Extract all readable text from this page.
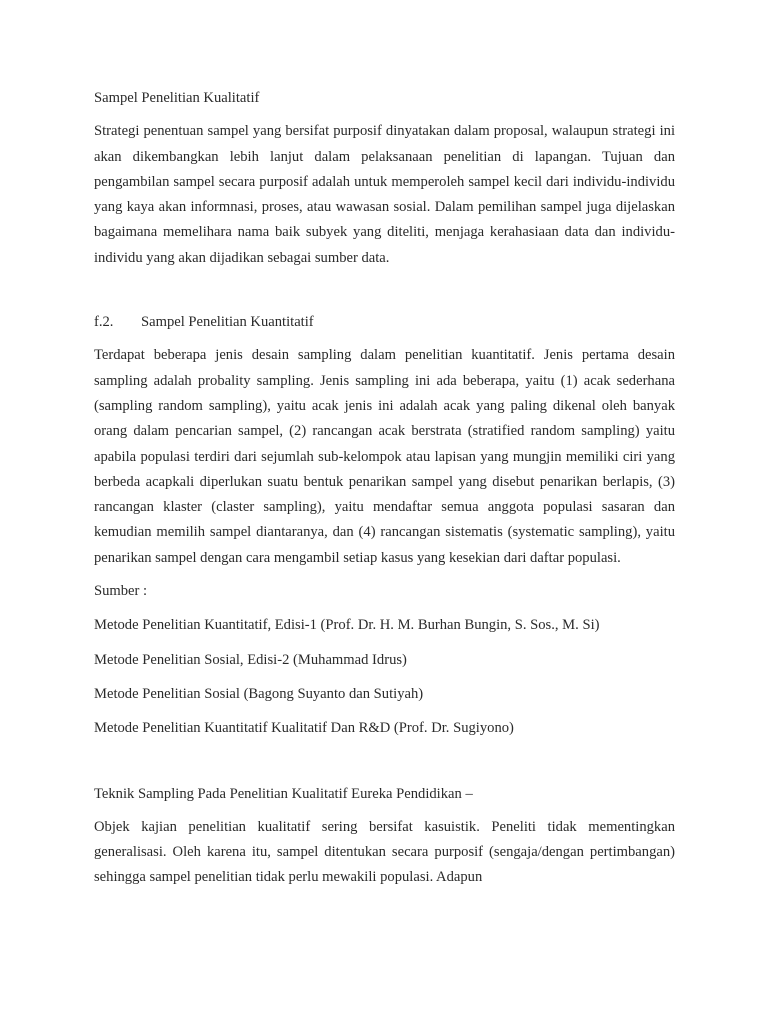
Sampel Penelitian Kualitatif

Strategi penentuan sampel yang bersifat purposif dinyatakan dalam proposal, walaupun strategi ini akan dikembangkan lebih lanjut dalam pelaksanaan penelitian di lapangan. Tujuan dan pengambilan sampel secara purposif adalah untuk memperoleh sampel kecil dari individu-individu yang kaya akan informnasi, proses, atau wawasan sosial. Dalam pemilihan sampel juga dijelaskan bagaimana memelihara nama baik subyek yang diteliti, menjaga kerahasiaan data dan individu-individu yang akan dijadikan sebagai sumber data.

f.2. Sampel Penelitian Kuantitatif

Terdapat beberapa jenis desain sampling dalam penelitian kuantitatif. Jenis pertama desain sampling adalah probality sampling. Jenis sampling ini ada beberapa, yaitu (1) acak sederhana (sampling random sampling), yaitu acak jenis ini adalah acak yang paling dikenal oleh banyak orang dalam pencarian sampel, (2) rancangan acak berstrata (stratified random sampling) yaitu apabila populasi terdiri dari sejumlah sub-kelompok atau lapisan yang mungjin memiliki ciri yang berbeda acapkali diperlukan suatu bentuk penarikan sampel yang disebut penarikan berlapis, (3) rancangan klaster (claster sampling), yaitu mendaftar semua anggota populasi sasaran dan kemudian memilih sampel diantaranya, dan (4) rancangan sistematis (systematic sampling), yaitu penarikan sampel dengan cara mengambil setiap kasus yang kesekian dari daftar populasi.

Sumber :
Metode Penelitian Kuantitatif, Edisi-1 (Prof. Dr. H. M. Burhan Bungin, S. Sos., M. Si)
Metode Penelitian Sosial, Edisi-2 (Muhammad Idrus)
Metode Penelitian Sosial (Bagong Suyanto dan Sutiyah)
Metode Penelitian Kuantitatif Kualitatif Dan R&D (Prof. Dr. Sugiyono)
Teknik Sampling Pada Penelitian Kualitatif Eureka Pendidikan –

Objek kajian penelitian kualitatif sering bersifat kasuistik. Peneliti tidak mementingkan generalisasi. Oleh karena itu, sampel ditentukan secara purposif (sengaja/dengan pertimbangan) sehingga sampel penelitian tidak perlu mewakili populasi. Adapun
